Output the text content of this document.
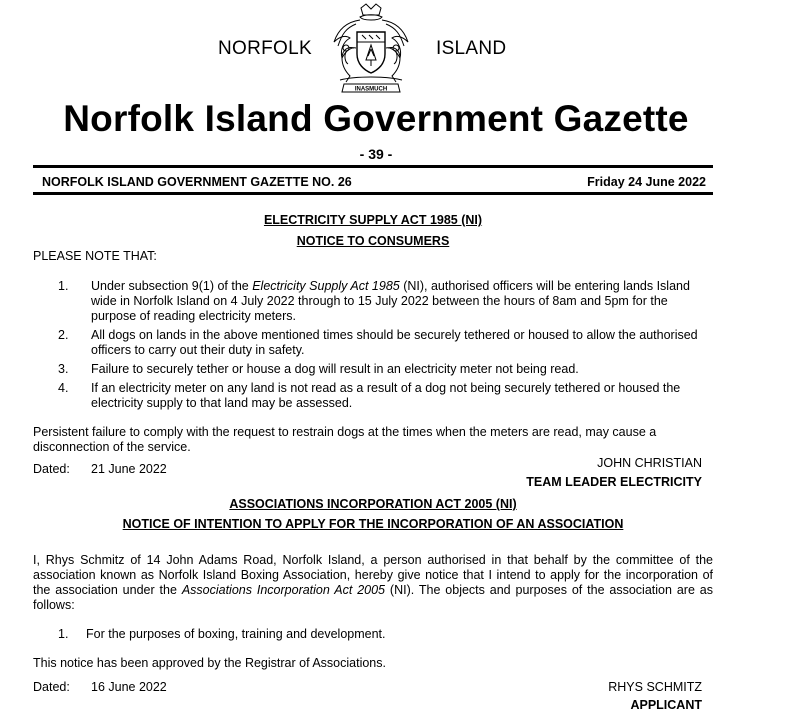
NORFOLK	ISLAND
INASMUCH
Norfolk Island Government Gazette
- 39 -
NORFOLK ISLAND GOVERNMENT GAZETTE NO. 26	Friday 24 June 2022
ELECTRICITY SUPPLY ACT 1985 (NI)
NOTICE TO CONSUMERS
PLEASE NOTE THAT:
1.	Under subsection 9(1) of the Electricity Supply Act 1985 (NI), authorised officers will be entering lands Island wide in Norfolk Island on 4 July 2022 through to 15 July 2022 between the hours of 8am and 5pm for the purpose of reading electricity meters.
2.	All dogs on lands in the above mentioned times should be securely tethered or housed to allow the authorised officers to carry out their duty in safety.
3.	Failure to securely tether or house a dog will result in an electricity meter not being read.
4.	If an electricity meter on any land is not read as a result of a dog not being securely tethered or housed the electricity supply to that land may be assessed.
Persistent failure to comply with the request to restrain dogs at the times when the meters are read, may cause a disconnection of the service.
Dated: 21 June 2022	JOHN CHRISTIAN
TEAM LEADER ELECTRICITY
ASSOCIATIONS INCORPORATION ACT 2005 (NI)
NOTICE OF INTENTION TO APPLY FOR THE INCORPORATION OF AN ASSOCIATION
I, Rhys Schmitz of 14 John Adams Road, Norfolk Island, a person authorised in that behalf by the committee of the association known as Norfolk Island Boxing Association, hereby give notice that I intend to apply for the incorporation of the association under the Associations Incorporation Act 2005 (NI). The objects and purposes of the association are as follows:
1.	For the purposes of boxing, training and development.
This notice has been approved by the Registrar of Associations.
Dated: 16 June 2022	RHYS SCHMITZ
APPLICANT
